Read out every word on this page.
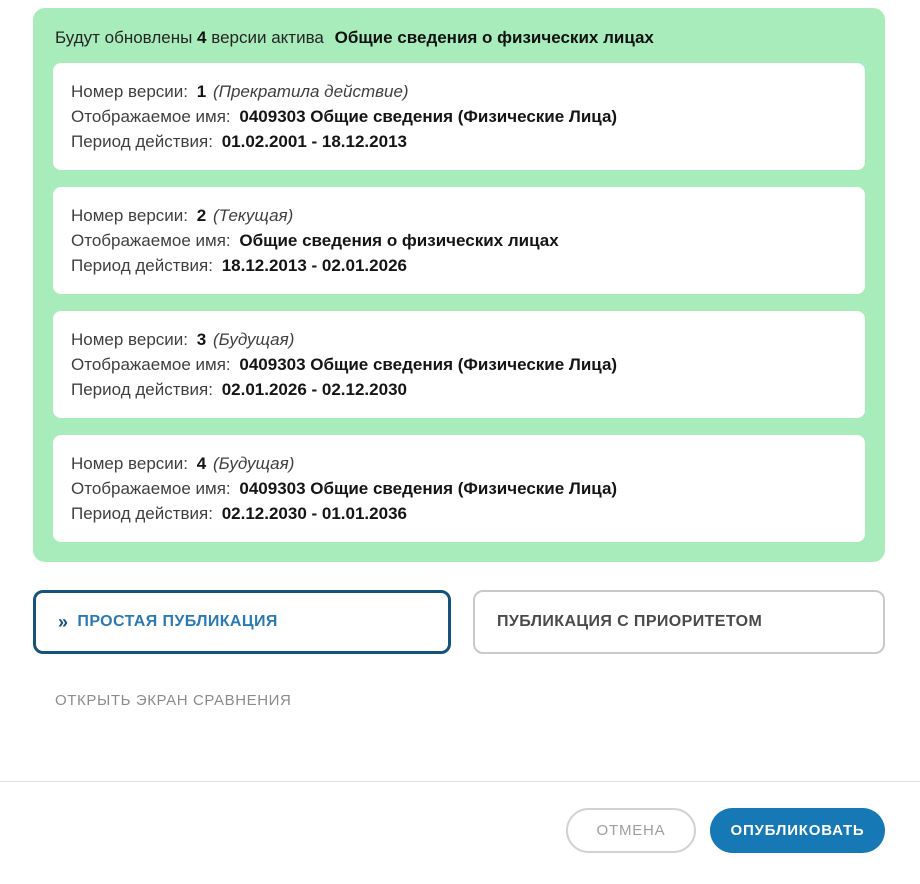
Будут обновлены 4 версии актива Общие сведения о физических лицах
Номер версии: 1 (Прекратила действие)
Отображаемое имя: 0409303 Общие сведения (Физические Лица)
Период действия: 01.02.2001 - 18.12.2013
Номер версии: 2 (Текущая)
Отображаемое имя: Общие сведения о физических лицах
Период действия: 18.12.2013 - 02.01.2026
Номер версии: 3 (Будущая)
Отображаемое имя: 0409303 Общие сведения (Физические Лица)
Период действия: 02.01.2026 - 02.12.2030
Номер версии: 4 (Будущая)
Отображаемое имя: 0409303 Общие сведения (Физические Лица)
Период действия: 02.12.2030 - 01.01.2036
» ПРОСТАЯ ПУБЛИКАЦИЯ	ПУБЛИКАЦИЯ С ПРИОРИТЕТОМ
ОТКРЫТЬ ЭКРАН СРАВНЕНИЯ
ОТМЕНА	ОПУБЛИКОВАТЬ
